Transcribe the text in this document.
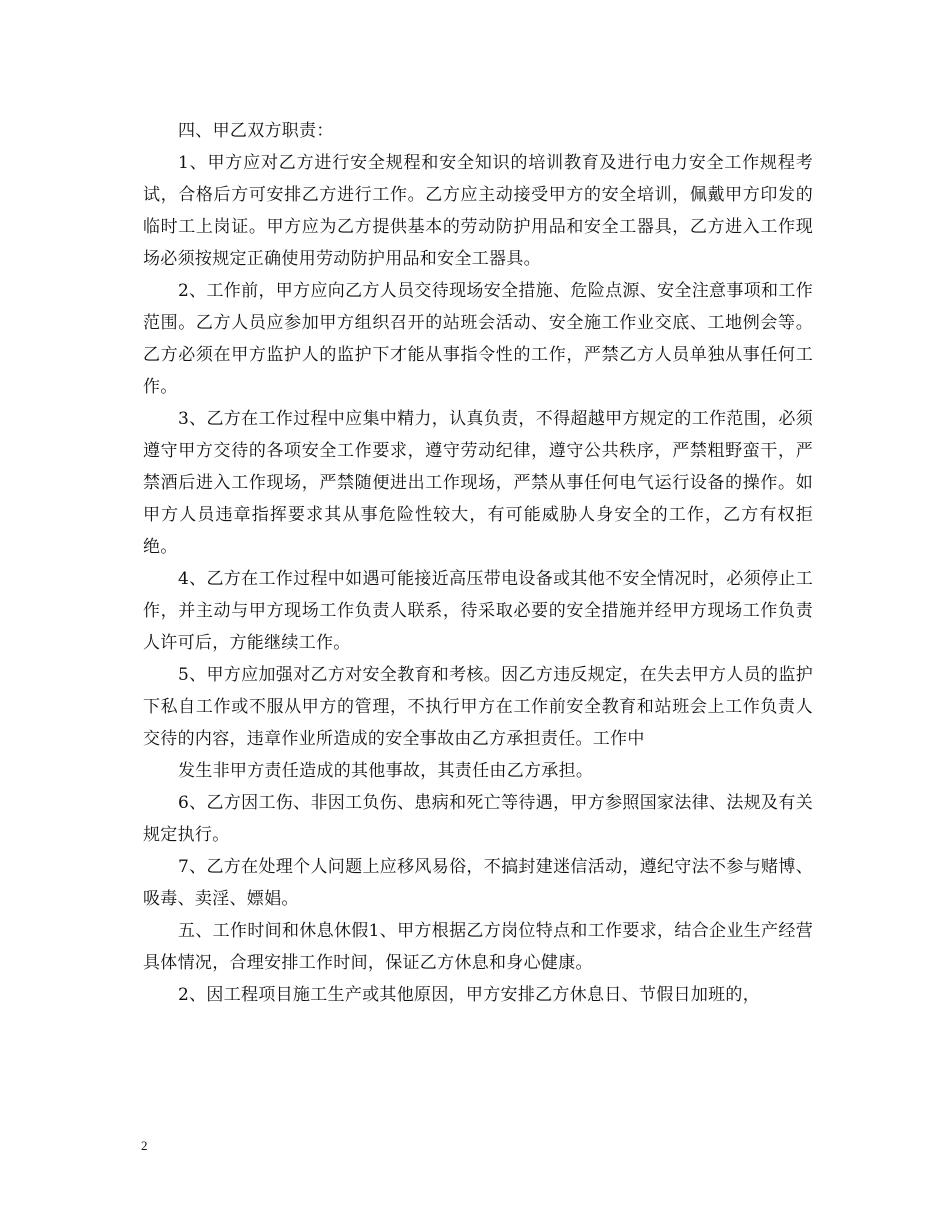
四、甲乙双方职责：

1、甲方应对乙方进行安全规程和安全知识的培训教育及进行电力安全工作规程考试，合格后方可安排乙方进行工作。乙方应主动接受甲方的安全培训，佩戴甲方印发的临时工上岗证。甲方应为乙方提供基本的劳动防护用品和安全工器具，乙方进入工作现场必须按规定正确使用劳动防护用品和安全工器具。

2、工作前，甲方应向乙方人员交待现场安全措施、危险点源、安全注意事项和工作范围。乙方人员应参加甲方组织召开的站班会活动、安全施工作业交底、工地例会等。乙方必须在甲方监护人的监护下才能从事指令性的工作，严禁乙方人员单独从事任何工作。

3、乙方在工作过程中应集中精力，认真负责，不得超越甲方规定的工作范围，必须遵守甲方交待的各项安全工作要求，遵守劳动纪律，遵守公共秩序，严禁粗野蛮干，严禁酒后进入工作现场，严禁随便进出工作现场，严禁从事任何电气运行设备的操作。如甲方人员违章指挥要求其从事危险性较大，有可能威胁人身安全的工作，乙方有权拒绝。

4、乙方在工作过程中如遇可能接近高压带电设备或其他不安全情况时，必须停止工作，并主动与甲方现场工作负责人联系，待采取必要的安全措施并经甲方现场工作负责人许可后，方能继续工作。

5、甲方应加强对乙方对安全教育和考核。因乙方违反规定，在失去甲方人员的监护下私自工作或不服从甲方的管理，不执行甲方在工作前安全教育和站班会上工作负责人交待的内容，违章作业所造成的安全事故由乙方承担责任。工作中

发生非甲方责任造成的其他事故，其责任由乙方承担。

6、乙方因工伤、非因工负伤、患病和死亡等待遇，甲方参照国家法律、法规及有关规定执行。

7、乙方在处理个人问题上应移风易俗，不搞封建迷信活动，遵纪守法不参与赌博、吸毒、卖淫、嫖娼。

五、工作时间和休息休假1、甲方根据乙方岗位特点和工作要求，结合企业生产经营具体情况，合理安排工作时间，保证乙方休息和身心健康。

2、因工程项目施工生产或其他原因，甲方安排乙方休息日、节假日加班的，

2
